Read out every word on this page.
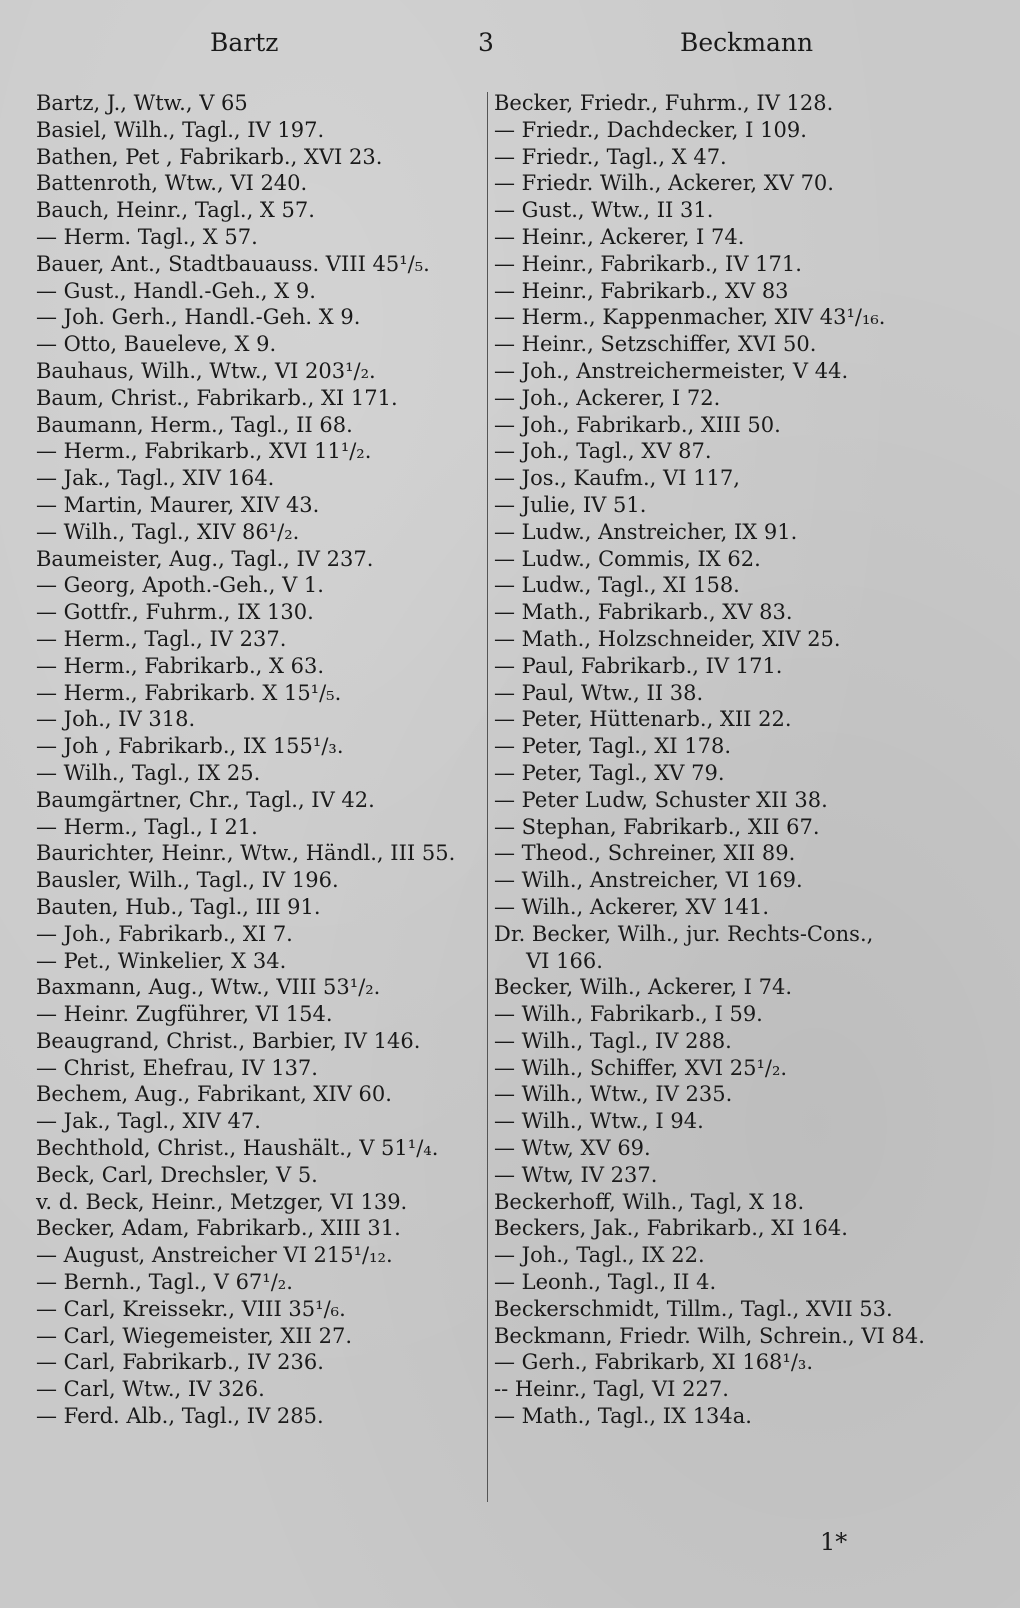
Bartz	3	Beckmann
Bartz, J., Wtw., V 65
Basiel, Wilh., Tagl., IV 197.
Bathen, Pet , Fabrikarb., XVI 23.
Battenroth, Wtw., VI 240.
Bauch, Heinr., Tagl., X 57.
— Herm. Tagl., X 57.
Bauer, Ant., Stadtbauauss. VIII 45¹/₅.
— Gust., Handl.-Geh., X 9.
— Joh. Gerh., Handl.-Geh. X 9.
— Otto, Baueleve, X 9.
Bauhaus, Wilh., Wtw., VI 203¹/₂.
Baum, Christ., Fabrikarb., XI 171.
Baumann, Herm., Tagl., II 68.
— Herm., Fabrikarb., XVI 11¹/₂.
— Jak., Tagl., XIV 164.
— Martin, Maurer, XIV 43.
— Wilh., Tagl., XIV 86¹/₂.
Baumeister, Aug., Tagl., IV 237.
— Georg, Apoth.-Geh., V 1.
— Gottfr., Fuhrm., IX 130.
— Herm., Tagl., IV 237.
— Herm., Fabrikarb., X 63.
— Herm., Fabrikarb. X 15¹/₅.
— Joh., IV 318.
— Joh , Fabrikarb., IX 155¹/₃.
— Wilh., Tagl., IX 25.
Baumgärtner, Chr., Tagl., IV 42.
— Herm., Tagl., I 21.
Baurichter, Heinr., Wtw., Händl., III 55.
Bausler, Wilh., Tagl., IV 196.
Bauten, Hub., Tagl., III 91.
— Joh., Fabrikarb., XI 7.
— Pet., Winkelier, X 34.
Baxmann, Aug., Wtw., VIII 53¹/₂.
— Heinr. Zugführer, VI 154.
Beaugrand, Christ., Barbier, IV 146.
— Christ, Ehefrau, IV 137.
Bechem, Aug., Fabrikant, XIV 60.
— Jak., Tagl., XIV 47.
Bechthold, Christ., Haushält., V 51¹/₄.
Beck, Carl, Drechsler, V 5.
v. d. Beck, Heinr., Metzger, VI 139.
Becker, Adam, Fabrikarb., XIII 31.
— August, Anstreicher VI 215¹/₁₂.
— Bernh., Tagl., V 67¹/₂.
— Carl, Kreissekr., VIII 35¹/₆.
— Carl, Wiegemeister, XII 27.
— Carl, Fabrikarb., IV 236.
— Carl, Wtw., IV 326.
— Ferd. Alb., Tagl., IV 285.
Becker, Friedr., Fuhrm., IV 128.
— Friedr., Dachdecker, I 109.
— Friedr., Tagl., X 47.
— Friedr. Wilh., Ackerer, XV 70.
— Gust., Wtw., II 31.
— Heinr., Ackerer, I 74.
— Heinr., Fabrikarb., IV 171.
— Heinr., Fabrikarb., XV 83
— Herm., Kappenmacher, XIV 43¹/₁₆.
— Heinr., Setzschiffer, XVI 50.
— Joh., Anstreichermeister, V 44.
— Joh., Ackerer, I 72.
— Joh., Fabrikarb., XIII 50.
— Joh., Tagl., XV 87.
— Jos., Kaufm., VI 117,
— Julie, IV 51.
— Ludw., Anstreicher, IX 91.
— Ludw., Commis, IX 62.
— Ludw., Tagl., XI 158.
— Math., Fabrikarb., XV 83.
— Math., Holzschneider, XIV 25.
— Paul, Fabrikarb., IV 171.
— Paul, Wtw., II 38.
— Peter, Hüttenarb., XII 22.
— Peter, Tagl., XI 178.
— Peter, Tagl., XV 79.
— Peter Ludw, Schuster XII 38.
— Stephan, Fabrikarb., XII 67.
— Theod., Schreiner, XII 89.
— Wilh., Anstreicher, VI 169.
— Wilh., Ackerer, XV 141.
Dr. Becker, Wilh., jur. Rechts-Cons.,
VI 166.
Becker, Wilh., Ackerer, I 74.
— Wilh., Fabrikarb., I 59.
— Wilh., Tagl., IV 288.
— Wilh., Schiffer, XVI 25¹/₂.
— Wilh., Wtw., IV 235.
— Wilh., Wtw., I 94.
— Wtw, XV 69.
— Wtw, IV 237.
Beckerhoff, Wilh., Tagl, X 18.
Beckers, Jak., Fabrikarb., XI 164.
— Joh., Tagl., IX 22.
— Leonh., Tagl., II 4.
Beckerschmidt, Tillm., Tagl., XVII 53.
Beckmann, Friedr. Wilh, Schrein., VI 84.
— Gerh., Fabrikarb, XI 168¹/₃.
-- Heinr., Tagl, VI 227.
— Math., Tagl., IX 134a.
1*
